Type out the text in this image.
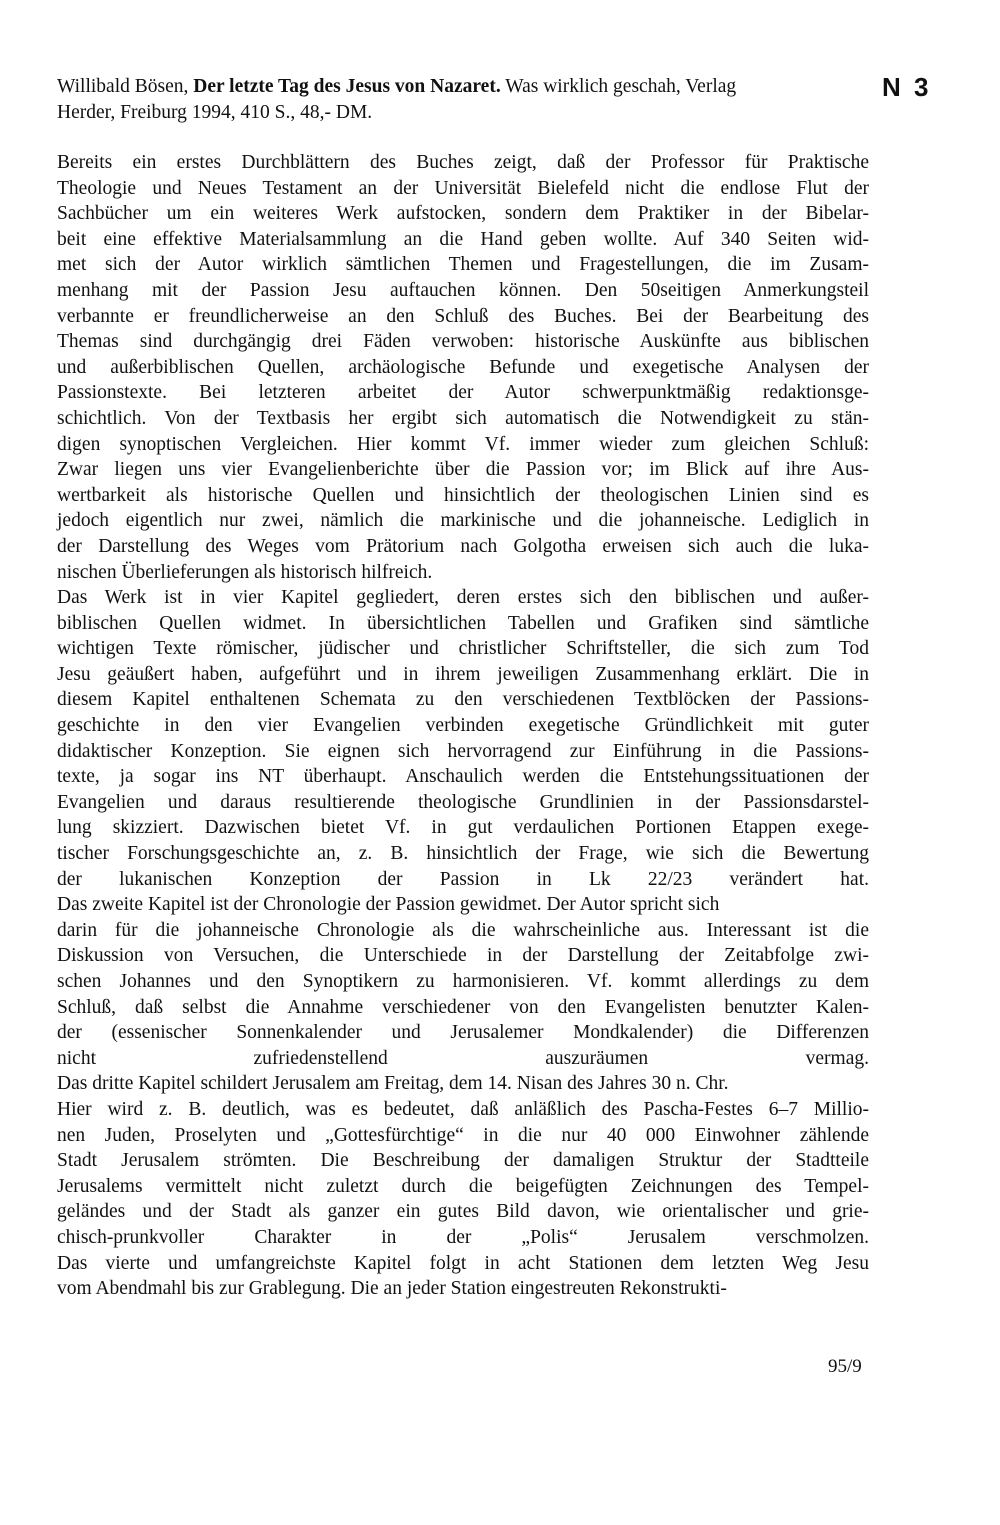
Willibald Bösen, Der letzte Tag des Jesus von Nazaret. Was wirklich geschah, Verlag
Herder, Freiburg 1994, 410 S., 48,- DM.
N 3
Bereits ein erstes Durchblättern des Buches zeigt, daß der Professor für Praktische
Theologie und Neues Testament an der Universität Bielefeld nicht die endlose Flut der
Sachbücher um ein weiteres Werk aufstocken, sondern dem Praktiker in der Bibelar-
beit eine effektive Materialsammlung an die Hand geben wollte. Auf 340 Seiten wid-
met sich der Autor wirklich sämtlichen Themen und Fragestellungen, die im Zusam-
menhang mit der Passion Jesu auftauchen können. Den 50seitigen Anmerkungsteil
verbannte er freundlicherweise an den Schluß des Buches. Bei der Bearbeitung des
Themas sind durchgängig drei Fäden verwoben: historische Auskünfte aus biblischen
und außerbiblischen Quellen, archäologische Befunde und exegetische Analysen der
Passionstexte. Bei letzteren arbeitet der Autor schwerpunktmäßig redaktionsge-
schichtlich. Von der Textbasis her ergibt sich automatisch die Notwendigkeit zu stän-
digen synoptischen Vergleichen. Hier kommt Vf. immer wieder zum gleichen Schluß:
Zwar liegen uns vier Evangelienberichte über die Passion vor; im Blick auf ihre Aus-
wertbarkeit als historische Quellen und hinsichtlich der theologischen Linien sind es
jedoch eigentlich nur zwei, nämlich die markinische und die johanneische. Lediglich in
der Darstellung des Weges vom Prätorium nach Golgotha erweisen sich auch die luka-
nischen Überlieferungen als historisch hilfreich.
Das Werk ist in vier Kapitel gegliedert, deren erstes sich den biblischen und außer-
biblischen Quellen widmet. In übersichtlichen Tabellen und Grafiken sind sämtliche
wichtigen Texte römischer, jüdischer und christlicher Schriftsteller, die sich zum Tod
Jesu geäußert haben, aufgeführt und in ihrem jeweiligen Zusammenhang erklärt. Die in
diesem Kapitel enthaltenen Schemata zu den verschiedenen Textblöcken der Passions-
geschichte in den vier Evangelien verbinden exegetische Gründlichkeit mit guter
didaktischer Konzeption. Sie eignen sich hervorragend zur Einführung in die Passions-
texte, ja sogar ins NT überhaupt. Anschaulich werden die Entstehungssituationen der
Evangelien und daraus resultierende theologische Grundlinien in der Passionsdarstel-
lung skizziert. Dazwischen bietet Vf. in gut verdaulichen Portionen Etappen exege-
tischer Forschungsgeschichte an, z. B. hinsichtlich der Frage, wie sich die Bewertung
der lukanischen Konzeption der Passion in Lk 22/23 verändert hat.
Das zweite Kapitel ist der Chronologie der Passion gewidmet. Der Autor spricht sich
darin für die johanneische Chronologie als die wahrscheinliche aus. Interessant ist die
Diskussion von Versuchen, die Unterschiede in der Darstellung der Zeitabfolge zwi-
schen Johannes und den Synoptikern zu harmonisieren. Vf. kommt allerdings zu dem
Schluß, daß selbst die Annahme verschiedener von den Evangelisten benutzter Kalen-
der (essenischer Sonnenkalender und Jerusalemer Mondkalender) die Differenzen
nicht zufriedenstellend auszuräumen vermag.
Das dritte Kapitel schildert Jerusalem am Freitag, dem 14. Nisan des Jahres 30 n. Chr.
Hier wird z. B. deutlich, was es bedeutet, daß anläßlich des Pascha-Festes 6–7 Millio-
nen Juden, Proselyten und „Gottesfürchtige“ in die nur 40 000 Einwohner zählende
Stadt Jerusalem strömten. Die Beschreibung der damaligen Struktur der Stadtteile
Jerusalems vermittelt nicht zuletzt durch die beigefügten Zeichnungen des Tempel-
geländes und der Stadt als ganzer ein gutes Bild davon, wie orientalischer und grie-
chisch-prunkvoller Charakter in der „Polis“ Jerusalem verschmolzen.
Das vierte und umfangreichste Kapitel folgt in acht Stationen dem letzten Weg Jesu
vom Abendmahl bis zur Grablegung. Die an jeder Station eingestreuten Rekonstrukti-
95/9
